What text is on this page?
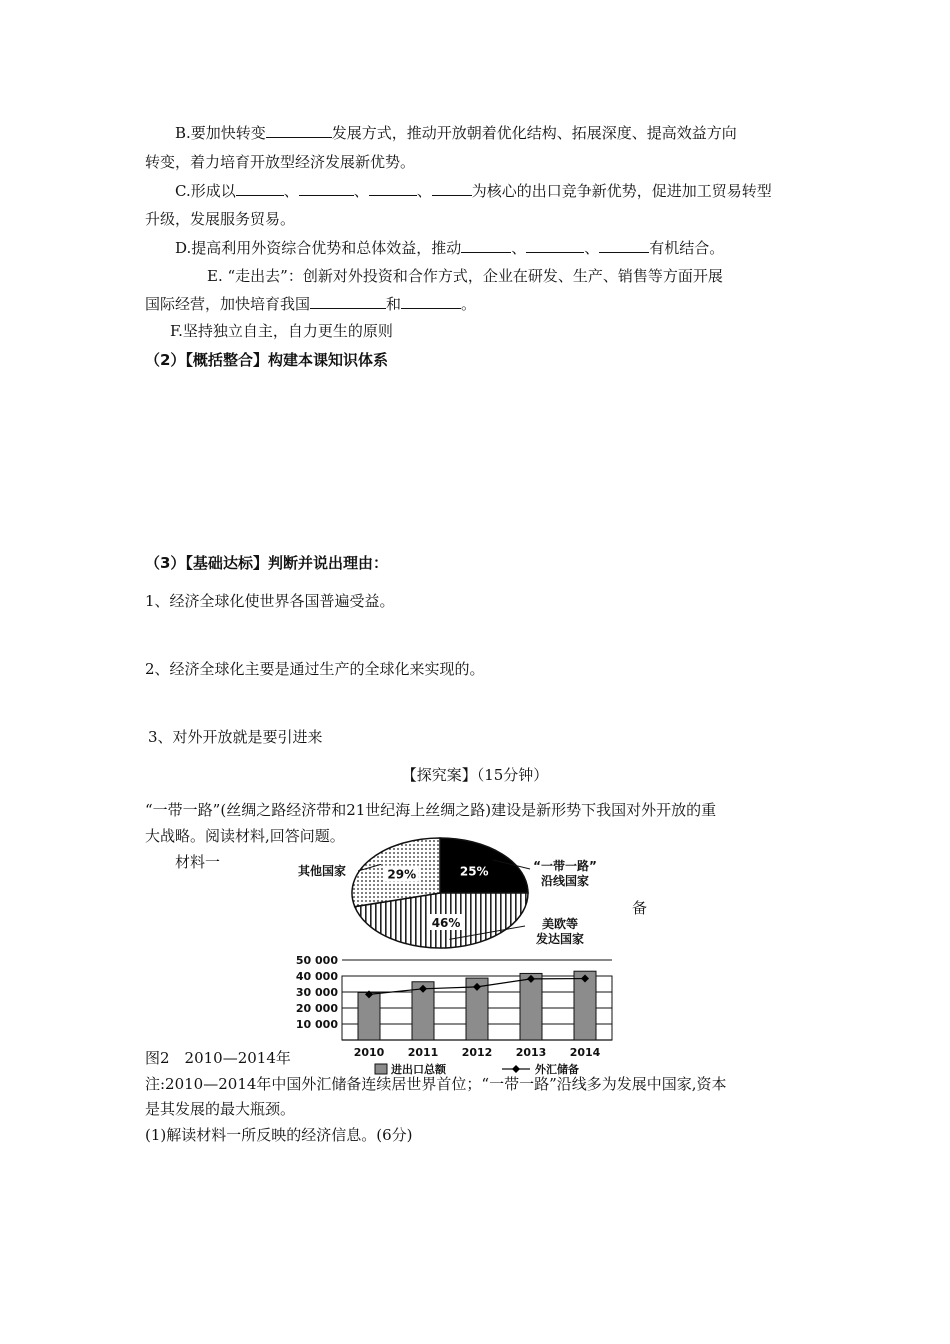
B.要加快转变	发展方式，推动开放朝着优化结构、拓展深度、提高效益方向
转变，着力培育开放型经济发展新优势。
C.形成以	、	、	、	为核心的出口竞争新优势，促进加工贸易转型
升级，发展服务贸易。
D.提高利用外资综合优势和总体效益，推动	、	、	有机结合。
E. “走出去”：创新对外投资和合作方式，企业在研发、生产、销售等方面开展
国际经营，加快培育我国	和	。
F.坚持独立自主，自力更生的原则
（2）【概括整合】构建本课知识体系
（3）【基础达标】判断并说出理由：
1、经济全球化使世界各国普遍受益。
2、经济全球化主要是通过生产的全球化来实现的。
3、对外开放就是要引进来
【探究案】（15分钟）
“一带一路”(丝绸之路经济带和21世纪海上丝绸之路)建设是新形势下我国对外开放的重
大战略。阅读材料,回答问题。
材料一
25%
46%
29%
“一带一路”
沿线国家
美欧等
发达国家
其他国家
备
10 000
20 000
30 000
40 000
50 000
2010 2011 2012 2013 2014
进出口总额	外汇储备
图2　2010—2014年
注:2010—2014年中国外汇储备连续居世界首位；“一带一路”沿线多为发展中国家,资本
是其发展的最大瓶颈。
(1)解读材料一所反映的经济信息。(6分)
